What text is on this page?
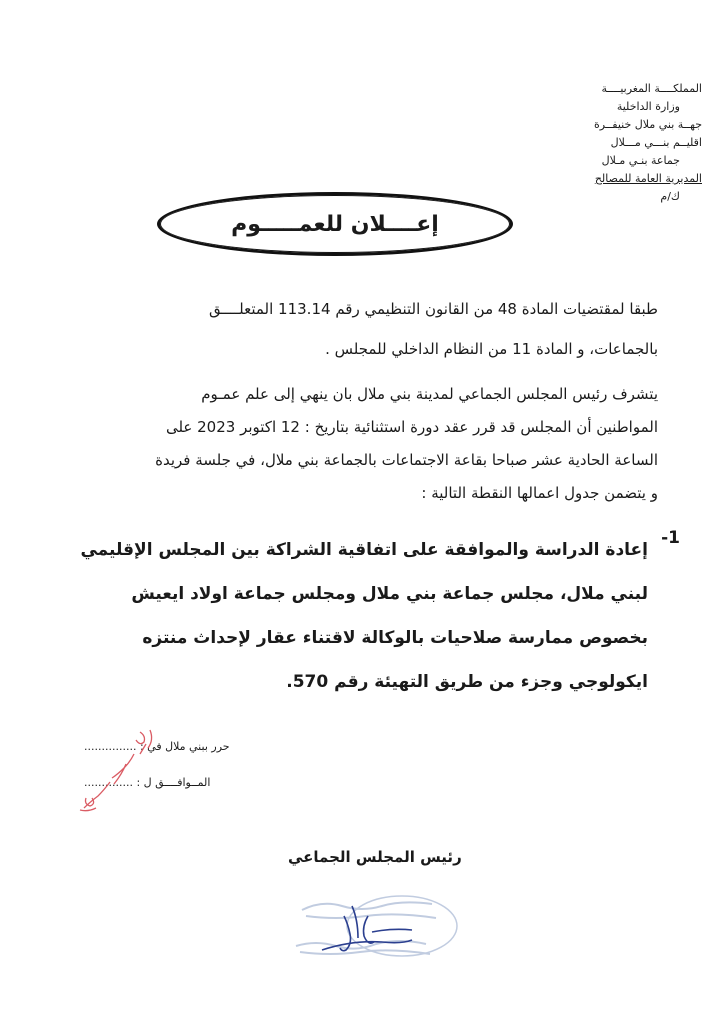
المملكــــة المغربيــــة
وزارة الداخلية
جهــة بني ملال خنيفــرة
اقليــم بنـــي مـــلال
جماعة بنـي مـلال
المديرية العامة للمصالح
ك/م
إعــــلان للعمـــــوم
طبقا لمقتضيات المادة 48 من القانون التنظيمي رقم 113.14 المتعلــــق
بالجماعات، و المادة 11 من النظام الداخلي للمجلس .
يتشرف رئيس المجلس الجماعي لمدينة بني ملال بان ينهي إلى علم عمـوم
المواطنين أن المجلس قد قرر عقد دورة استثنائية بتاريخ : 12 اكتوبر 2023 على
الساعة الحادية عشر صباحا بقاعة الاجتماعات بالجماعة بني ملال، في جلسة فريدة
و يتضمن جدول اعمالها النقطة التالية :
1-
إعادة الدراسة والموافقة على اتفاقية الشراكة بين المجلس الإقليمي
لبني ملال، مجلس جماعة بني ملال ومجلس جماعة اولاد ايعيش
بخصوص ممارسة صلاحيات بالوكالة لاقتناء عقار لإحداث منتزه
ايكولوجي وجزء من طريق التهيئة رقم 570.
حرر ببني ملال في : ...............
المــوافــــق ل : ..............
رئيس المجلس الجماعي
